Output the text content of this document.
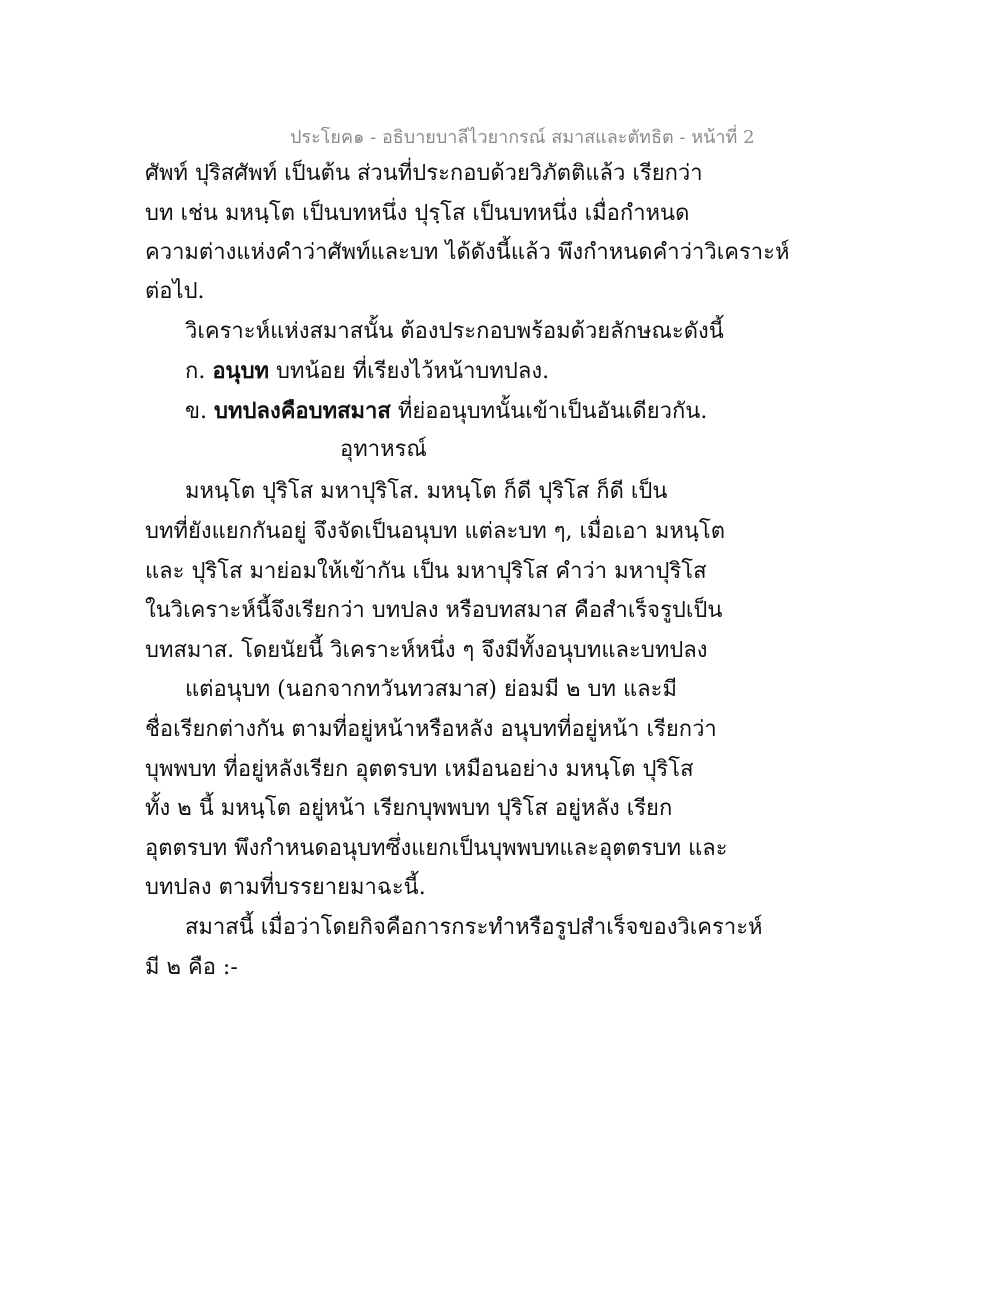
ประโยค๑ - อธิบายบาลีไวยากรณ์ สมาสและตัทธิต - หน้าที่ 2
ศัพท์ ปุริสศัพท์ เป็นต้น ส่วนที่ประกอบด้วยวิภัตติแล้ว เรียกว่า
บท เช่น มหนฺโต เป็นบทหนึ่ง ปุรฺโส เป็นบทหนึ่ง เมื่อกำหนด
ความต่างแห่งคำว่าศัพท์และบท ได้ดังนี้แล้ว พึงกำหนดคำว่าวิเคราะห์
ต่อไป.
วิเคราะห์แห่งสมาสนั้น ต้องประกอบพร้อมด้วยลักษณะดังนี้
ก. อนุบท บทน้อย ที่เรียงไว้หน้าบทปลง.
ข. บทปลงคือบทสมาส ที่ย่ออนุบทนั้นเข้าเป็นอันเดียวกัน.
อุทาหรณ์
มหนฺโต ปุริโส มหาปุริโส. มหนฺโต ก็ดี ปุริโส ก็ดี เป็น
บทที่ยังแยกกันอยู่ จึงจัดเป็นอนุบท แต่ละบท ๆ, เมื่อเอา มหนฺโต
และ ปุริโส มาย่อมให้เข้ากัน เป็น มหาปุริโส คำว่า มหาปุริโส
ในวิเคราะห์นี้จึงเรียกว่า บทปลง หรือบทสมาส คือสำเร็จรูปเป็น
บทสมาส. โดยนัยนี้ วิเคราะห์หนึ่ง ๆ จึงมีทั้งอนุบทและบทปลง
แต่อนุบท (นอกจากทวันทวสมาส) ย่อมมี ๒ บท และมี
ชื่อเรียกต่างกัน ตามที่อยู่หน้าหรือหลัง อนุบทที่อยู่หน้า เรียกว่า
บุพพบท ที่อยู่หลังเรียก อุตตรบท เหมือนอย่าง มหนฺโต ปุริโส
ทั้ง ๒ นี้ มหนฺโต อยู่หน้า เรียกบุพพบท ปุริโส อยู่หลัง เรียก
อุตตรบท พึงกำหนดอนุบทซึ่งแยกเป็นบุพพบทและอุตตรบท และ
บทปลง ตามที่บรรยายมาฉะนี้.
สมาสนี้ เมื่อว่าโดยกิจคือการกระทำหรือรูปสำเร็จของวิเคราะห์
มี ๒ คือ :-
